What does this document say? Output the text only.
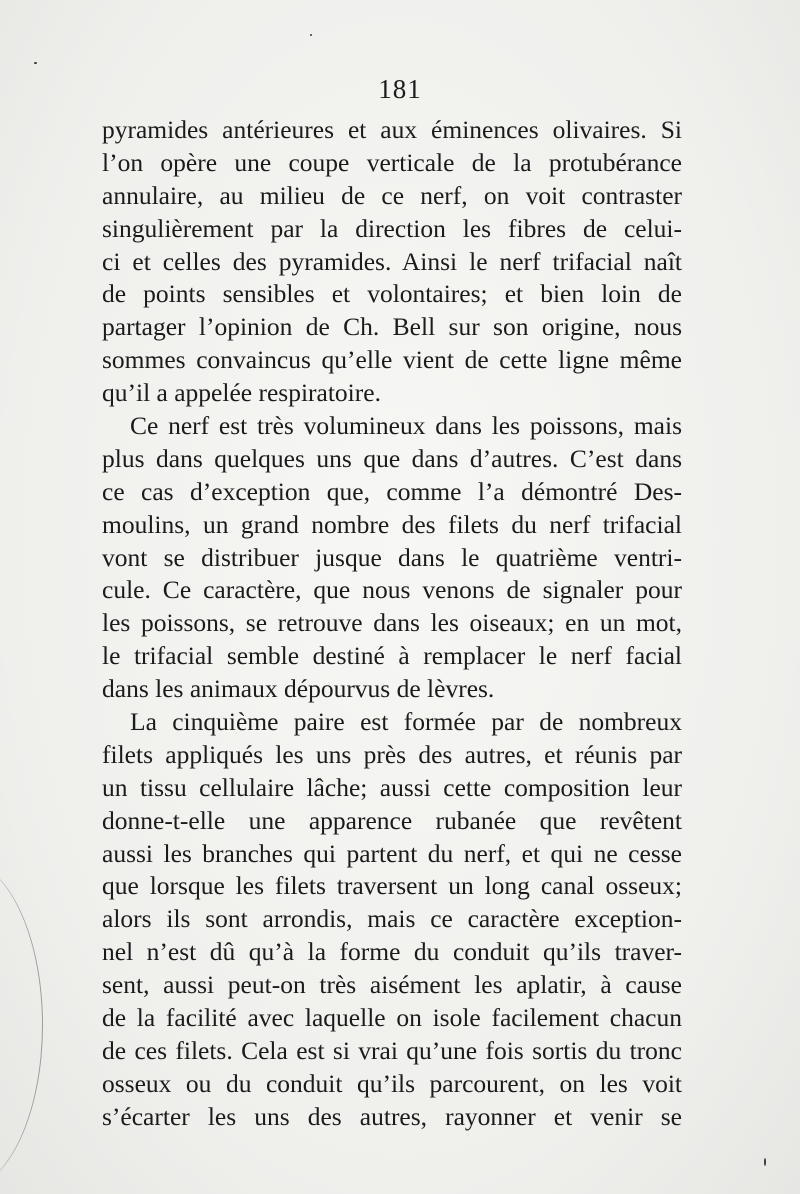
181
pyramides antérieures et aux éminences olivaires. Si
l’on opère une coupe verticale de la protubérance
annulaire, au milieu de ce nerf, on voit contraster
singulièrement par la direction les fibres de celui-
ci et celles des pyramides. Ainsi le nerf trifacial naît
de points sensibles et volontaires; et bien loin de
partager l’opinion de Ch. Bell sur son origine, nous
sommes convaincus qu’elle vient de cette ligne même
qu’il a appelée respiratoire.
Ce nerf est très volumineux dans les poissons, mais
plus dans quelques uns que dans d’autres. C’est dans
ce cas d’exception que, comme l’a démontré Des-
moulins, un grand nombre des filets du nerf trifacial
vont se distribuer jusque dans le quatrième ventri-
cule. Ce caractère, que nous venons de signaler pour
les poissons, se retrouve dans les oiseaux; en un mot,
le trifacial semble destiné à remplacer le nerf facial
dans les animaux dépourvus de lèvres.
La cinquième paire est formée par de nombreux
filets appliqués les uns près des autres, et réunis par
un tissu cellulaire lâche; aussi cette composition leur
donne-t-elle une apparence rubanée que revêtent
aussi les branches qui partent du nerf, et qui ne cesse
que lorsque les filets traversent un long canal osseux;
alors ils sont arrondis, mais ce caractère exception-
nel n’est dû qu’à la forme du conduit qu’ils traver-
sent, aussi peut-on très aisément les aplatir, à cause
de la facilité avec laquelle on isole facilement chacun
de ces filets. Cela est si vrai qu’une fois sortis du tronc
osseux ou du conduit qu’ils parcourent, on les voit
s’écarter les uns des autres, rayonner et venir se
